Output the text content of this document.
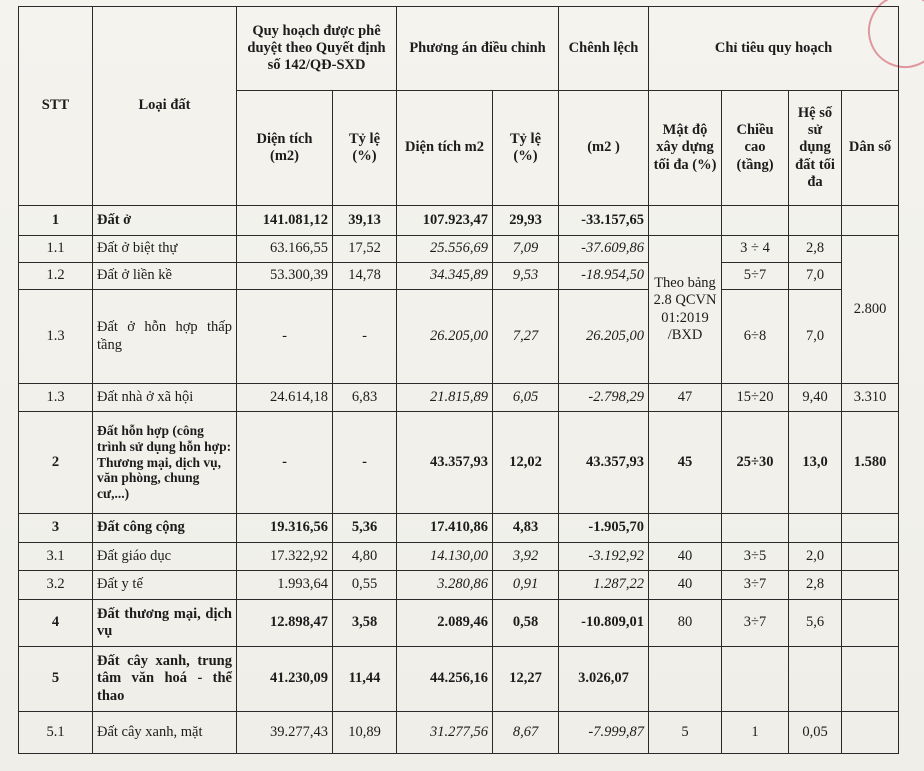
STT	Loại đất	Quy hoạch được phê duyệt theo Quyết định số 142/QĐ-SXD		Phương án điều chỉnh		Chênh lệch	Chỉ tiêu quy hoạch			
		Diện tích (m2)	Tỷ lệ (%)	Diện tích m2	Tỷ lệ (%)	(m2 )	Mật độ xây dựng tối đa (%)	Chiều cao (tầng)	Hệ số sử dụng đất tối đa	Dân số
1	Đất ở	141.081,12	39,13	107.923,47	29,93	-33.157,65				
1.1	Đất ở biệt thự	63.166,55	17,52	25.556,69	7,09	-37.609,86	Theo bảng 2.8 QCVN 01:2019 /BXD	3 ÷ 4	2,8	2.800
1.2	Đất ở liền kề	53.300,39	14,78	34.345,89	9,53	-18.954,50		5÷7	7,0	
1.3	Đất ở hỗn hợp thấp tầng	-	-	26.205,00	7,27	26.205,00		6÷8	7,0	
1.3	Đất nhà ở xã hội	24.614,18	6,83	21.815,89	6,05	-2.798,29	47	15÷20	9,40	3.310
2	Đất hỗn hợp (công trình sử dụng hỗn hợp: Thương mại, dịch vụ, văn phòng, chung cư,...)	-	-	43.357,93	12,02	43.357,93	45	25÷30	13,0	1.580
3	Đất công cộng	19.316,56	5,36	17.410,86	4,83	-1.905,70				
3.1	Đất giáo dục	17.322,92	4,80	14.130,00	3,92	-3.192,92	40	3÷5	2,0	
3.2	Đất y tế	1.993,64	0,55	3.280,86	0,91	1.287,22	40	3÷7	2,8	
4	Đất thương mại, dịch vụ	12.898,47	3,58	2.089,46	0,58	-10.809,01	80	3÷7	5,6	
5	Đất cây xanh, trung tâm văn hoá - thể thao	41.230,09	11,44	44.256,16	12,27	3.026,07				
5.1	Đất cây xanh, mặt	39.277,43	10,89	31.277,56	8,67	-7.999,87	5	1	0,05	
